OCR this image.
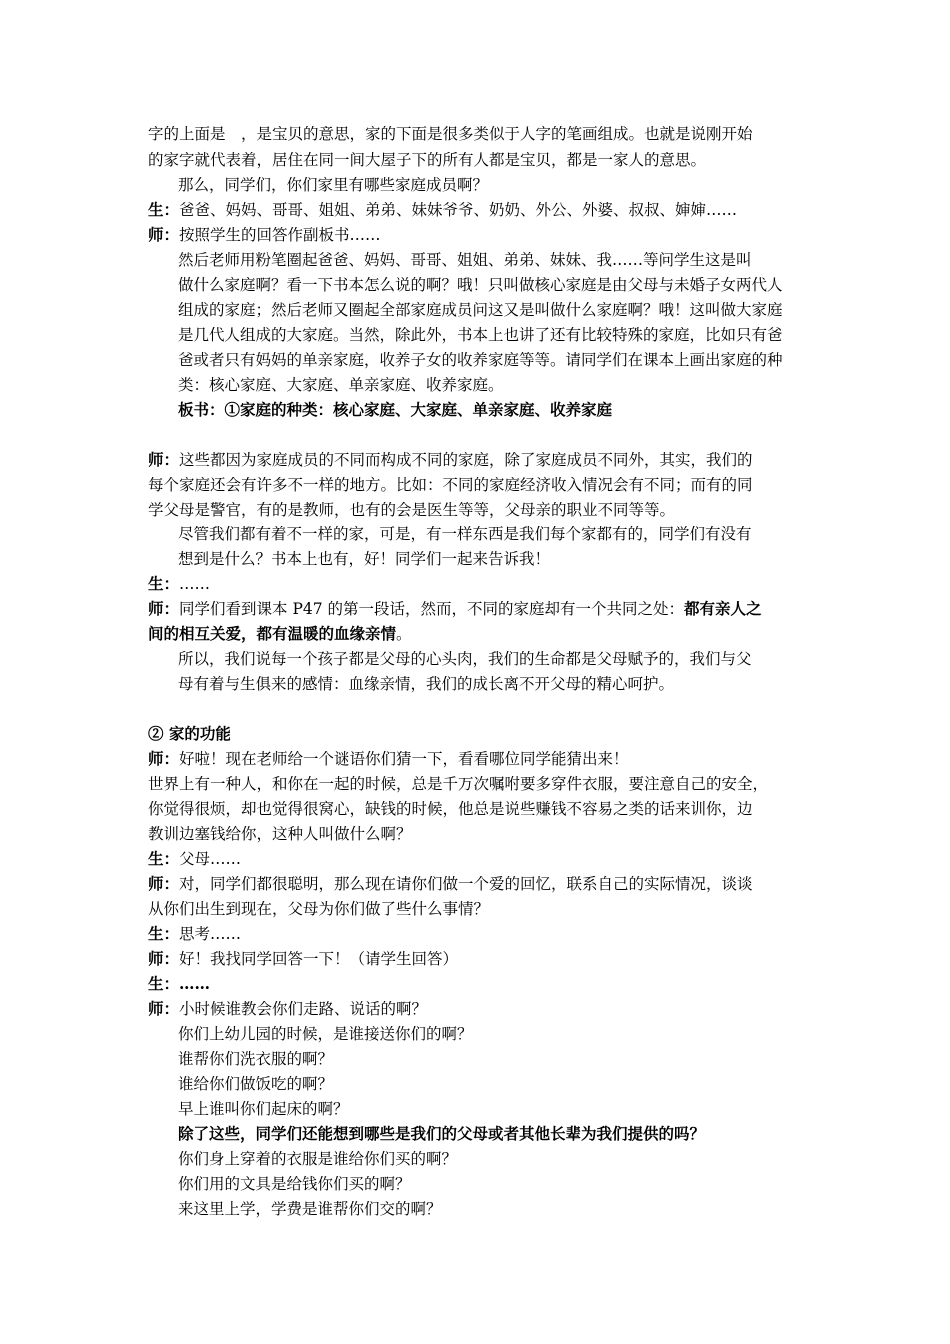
字的上面是　，是宝贝的意思，家的下面是很多类似于人字的笔画组成。也就是说刚开始
的家字就代表着，居住在同一间大屋子下的所有人都是宝贝，都是一家人的意思。
那么，同学们，你们家里有哪些家庭成员啊？
生：爸爸、妈妈、哥哥、姐姐、弟弟、妹妹爷爷、奶奶、外公、外婆、叔叔、婶婶……
师：按照学生的回答作副板书……
然后老师用粉笔圈起爸爸、妈妈、哥哥、姐姐、弟弟、妹妹、我……等问学生这是叫
做什么家庭啊？看一下书本怎么说的啊？哦！只叫做核心家庭是由父母与未婚子女两代人
组成的家庭；然后老师又圈起全部家庭成员问这又是叫做什么家庭啊？哦！这叫做大家庭
是几代人组成的大家庭。当然，除此外，书本上也讲了还有比较特殊的家庭，比如只有爸
爸或者只有妈妈的单亲家庭，收养子女的收养家庭等等。请同学们在课本上画出家庭的种
类：核心家庭、大家庭、单亲家庭、收养家庭。
板书：①家庭的种类：核心家庭、大家庭、单亲家庭、收养家庭
师：这些都因为家庭成员的不同而构成不同的家庭，除了家庭成员不同外，其实，我们的
每个家庭还会有许多不一样的地方。比如：不同的家庭经济收入情况会有不同；而有的同
学父母是警官，有的是教师，也有的会是医生等等，父母亲的职业不同等等。
尽管我们都有着不一样的家，可是，有一样东西是我们每个家都有的，同学们有没有
想到是什么？书本上也有，好！同学们一起来告诉我！
生：……
师：同学们看到课本 P47 的第一段话，然而，不同的家庭却有一个共同之处：都有亲人之
间的相互关爱，都有温暖的血缘亲情。
所以，我们说每一个孩子都是父母的心头肉，我们的生命都是父母赋予的，我们与父
母有着与生俱来的感情：血缘亲情，我们的成长离不开父母的精心呵护。
② 家的功能
师：好啦！现在老师给一个谜语你们猜一下，看看哪位同学能猜出来！
世界上有一种人，和你在一起的时候，总是千万次嘱咐要多穿件衣服，要注意自己的安全，
你觉得很烦，却也觉得很窝心，缺钱的时候，他总是说些赚钱不容易之类的话来训你，边
教训边塞钱给你，这种人叫做什么啊？
生：父母……
师：对，同学们都很聪明，那么现在请你们做一个爱的回忆，联系自己的实际情况，谈谈
从你们出生到现在，父母为你们做了些什么事情？
生：思考……
师：好！我找同学回答一下！（请学生回答）
生：……
师：小时候谁教会你们走路、说话的啊？
你们上幼儿园的时候，是谁接送你们的啊？
谁帮你们洗衣服的啊？
谁给你们做饭吃的啊？
早上谁叫你们起床的啊？
除了这些，同学们还能想到哪些是我们的父母或者其他长辈为我们提供的吗？
你们身上穿着的衣服是谁给你们买的啊？
你们用的文具是给钱你们买的啊？
来这里上学，学费是谁帮你们交的啊？
